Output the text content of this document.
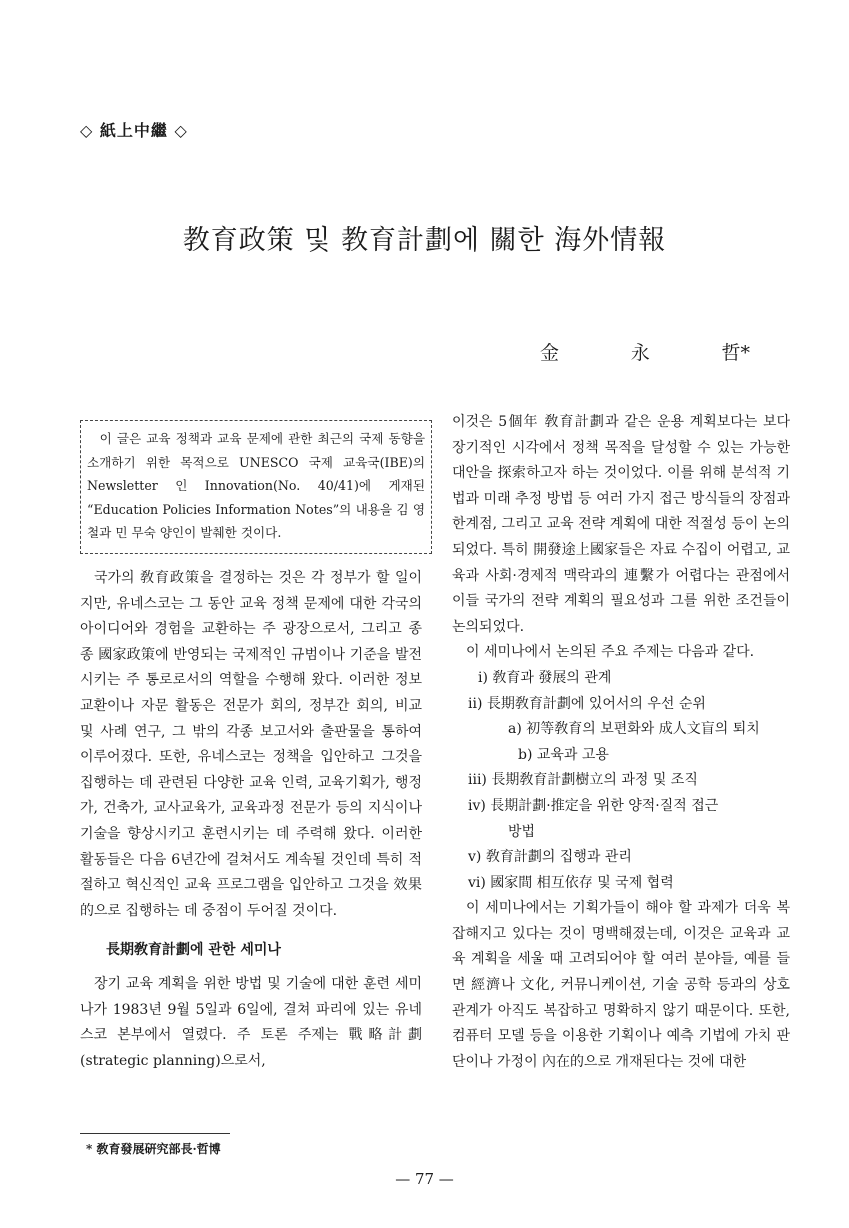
◇ 紙上中繼 ◇
教育政策 및 教育計劃에 關한 海外情報
金	永	哲*

이 글은 교육 정책과 교육 문제에 관한 최근의 국제 동향을 소개하기 위한 목적으로 UNESCO 국제 교육국(IBE)의 Newsletter 인 Innovation(No. 40/41)에 게재된 “Education Policies Information Notes”의 내용을 김 영철과 민 무숙 양인이 발췌한 것이다.

국가의 敎育政策을 결정하는 것은 각 정부가 할 일이지만, 유네스코는 그 동안 교육 정책 문제에 대한 각국의 아이디어와 경험을 교환하는 주 광장으로서, 그리고 종종 國家政策에 반영되는 국제적인 규범이나 기준을 발전시키는 주 통로로서의 역할을 수행해 왔다. 이러한 정보 교환이나 자문 활동은 전문가 회의, 정부간 회의, 비교 및 사례 연구, 그 밖의 각종 보고서와 출판물을 통하여 이루어졌다. 또한, 유네스코는 정책을 입안하고 그것을 집행하는 데 관련된 다양한 교육 인력, 교육기획가, 행정가, 건축가, 교사교육가, 교육과정 전문가 등의 지식이나 기술을 향상시키고 훈련시키는 데 주력해 왔다. 이러한 활동들은 다음 6년간에 걸쳐서도 계속될 것인데 특히 적절하고 혁신적인 교육 프로그램을 입안하고 그것을 效果的으로 집행하는 데 중점이 두어질 것이다.

長期敎育計劃에 관한 세미나

장기 교육 계획을 위한 방법 및 기술에 대한 훈련 세미나가 1983년 9월 5일과 6일에, 결쳐 파리에 있는 유네스코 본부에서 열렸다. 주 토론 주제는 戰略計劃(strategic planning)으로서,

이것은 5個年 敎育計劃과 같은 운용 계획보다는 보다 장기적인 시각에서 정책 목적을 달성할 수 있는 가능한 대안을 探索하고자 하는 것이었다. 이를 위해 분석적 기법과 미래 추정 방법 등 여러 가지 접근 방식들의 장점과 한계점, 그리고 교육 전략 계획에 대한 적절성 등이 논의되었다. 특히 開發途上國家들은 자료 수집이 어렵고, 교육과 사회·경제적 맥락과의 連繫가 어렵다는 관점에서 이들 국가의 전략 계획의 필요성과 그를 위한 조건들이 논의되었다.

이 세미나에서 논의된 주요 주제는 다음과 같다.

i) 敎育과 發展의 관계

ii) 長期敎育計劃에 있어서의 우선 순위

a) 初等敎育의 보편화와 成人文盲의 퇴치

b) 교육과 고용

iii) 長期敎育計劃樹立의 과정 및 조직

iv) 長期計劃·推定을 위한 양적·질적 접근

방법

v) 敎育計劃의 집행과 관리

vi) 國家間 相互依存 및 국제 협력

이 세미나에서는 기획가들이 해야 할 과제가 더욱 복잡해지고 있다는 것이 명백해졌는데, 이것은 교육과 교육 계획을 세울 때 고려되어야 할 여러 분야들, 예를 들면 經濟나 文化, 커뮤니케이션, 기술 공학 등과의 상호 관계가 아직도 복잡하고 명확하지 않기 때문이다. 또한, 컴퓨터 모델 등을 이용한 기획이나 예측 기법에 가치 판단이나 가정이 內在的으로 개재된다는 것에 대한

* 敎育發展硏究部長·哲博
— 77 —
